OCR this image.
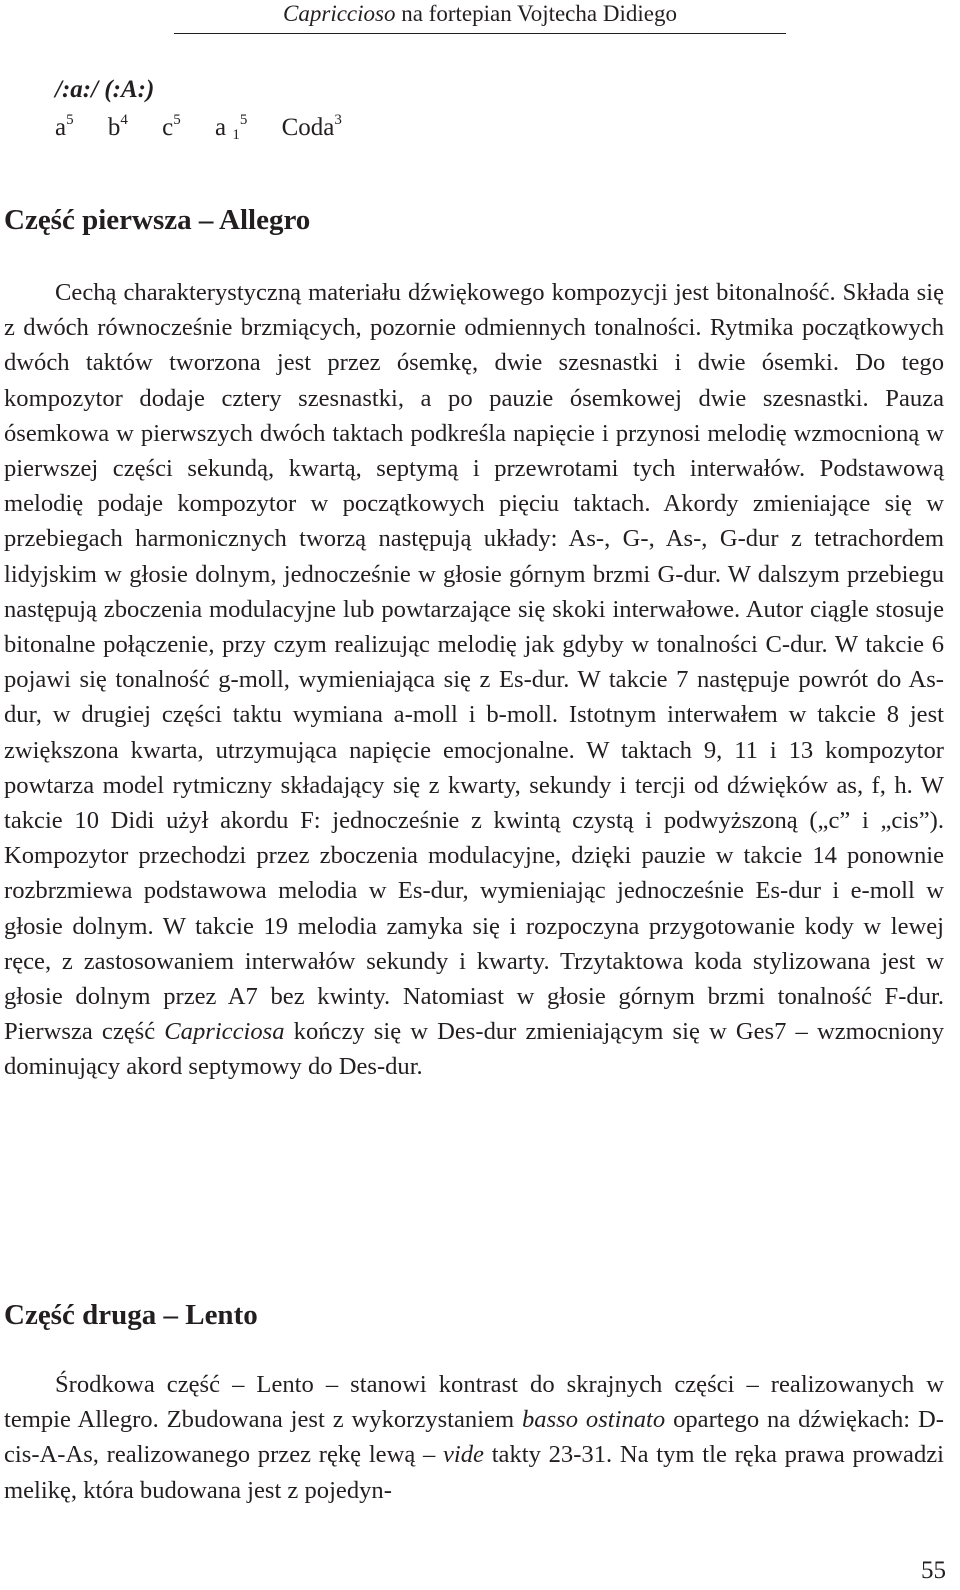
Capriccioso na fortepian Vojtecha Didiego
/:a:/ (:A:)
$a^5$ $b^4$ $c^5$ a $_1^5$ Coda$^3$
Część pierwsza – Allegro

Cechą charakterystyczną materiału dźwiękowego kompozycji jest bitonalność. Składa się z dwóch równocześnie brzmiących, pozornie odmiennych tonalności. Rytmika początkowych dwóch taktów tworzona jest przez ósemkę, dwie szesnastki i dwie ósemki. Do tego kompozytor dodaje cztery szesnastki, a po pauzie ósemkowej dwie szesnastki. Pauza ósemkowa w pierwszych dwóch taktach podkreśla napięcie i przynosi melodię wzmocnioną w pierwszej części sekundą, kwartą, septymą i przewrotami tych interwałów. Podstawową melodię podaje kompozytor w początkowych pięciu taktach. Akordy zmieniające się w przebiegach harmonicznych tworzą następują układy: As-, G-, As-, G-dur z tetrachordem lidyjskim w głosie dolnym, jednocześnie w głosie górnym brzmi G-dur. W dalszym przebiegu następują zboczenia modulacyjne lub powtarzające się skoki interwałowe. Autor ciągle stosuje bitonalne połączenie, przy czym realizując melodię jak gdyby w tonalności C-dur. W takcie 6 pojawi się tonalność g-moll, wymieniająca się z Es-dur. W takcie 7 następuje powrót do As-dur, w drugiej części taktu wymiana a-moll i b-moll. Istotnym interwałem w takcie 8 jest zwiększona kwarta, utrzymująca napięcie emocjonalne. W taktach 9, 11 i 13 kompozytor powtarza model rytmiczny składający się z kwarty, sekundy i tercji od dźwięków as, f, h. W takcie 10 Didi użył akordu F: jednocześnie z kwintą czystą i podwyższoną („c” i „cis”). Kompozytor przechodzi przez zboczenia modulacyjne, dzięki pauzie w takcie 14 ponownie rozbrzmiewa podstawowa melodia w Es-dur, wymieniając jednocześnie Es-dur i e-moll w głosie dolnym. W takcie 19 melodia zamyka się i rozpoczyna przygotowanie kody w lewej ręce, z zastosowaniem interwałów sekundy i kwarty. Trzytaktowa koda stylizowana jest w głosie dolnym przez A7 bez kwinty. Natomiast w głosie górnym brzmi tonalność F-dur. Pierwsza część Capricciosa kończy się w Des-dur zmieniającym się w Ges7 – wzmocniony dominujący akord septymowy do Des-dur.

Część druga – Lento

Środkowa część – Lento – stanowi kontrast do skrajnych części – realizowanych w tempie Allegro. Zbudowana jest z wykorzystaniem basso ostinato opartego na dźwiękach: D-cis-A-As, realizowanego przez rękę lewą – vide takty 23-31. Na tym tle ręka prawa prowadzi melikę, która budowana jest z pojedyn-

55
